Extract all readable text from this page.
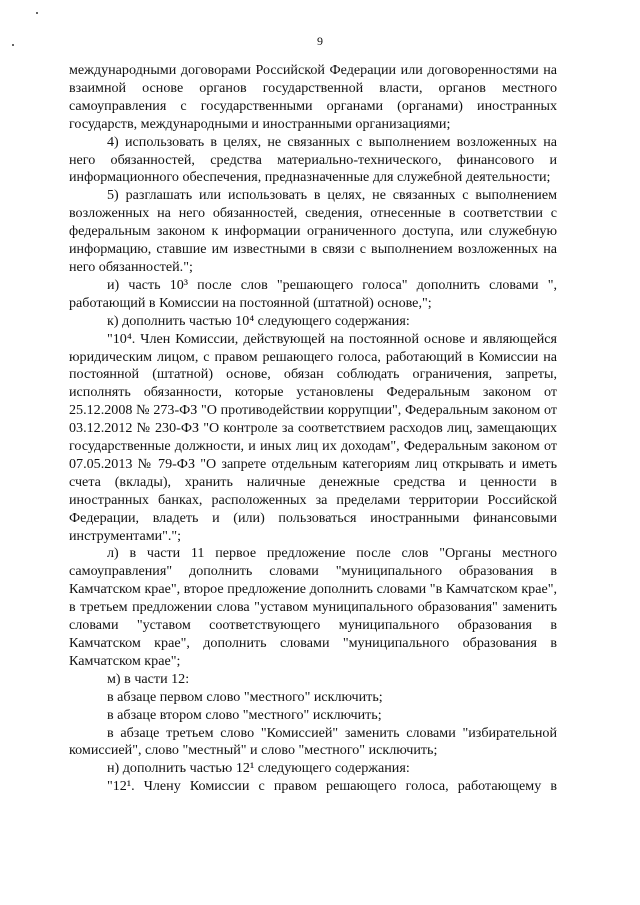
9

международными договорами Российской Федерации или договоренностями на взаимной основе органов государственной власти, органов местного самоуправления с государственными органами (органами) иностранных государств, международными и иностранными организациями;

4) использовать в целях, не связанных с выполнением возложенных на него обязанностей, средства материально-технического, финансового и информационного обеспечения, предназначенные для служебной деятельности;

5) разглашать или использовать в целях, не связанных с выполнением возложенных на него обязанностей, сведения, отнесенные в соответствии с федеральным законом к информации ограниченного доступа, или служебную информацию, ставшие им известными в связи с выполнением возложенных на него обязанностей.";

и) часть 10³ после слов "решающего голоса" дополнить словами ", работающий в Комиссии на постоянной (штатной) основе,";

к) дополнить частью 10⁴ следующего содержания:

"10⁴. Член Комиссии, действующей на постоянной основе и являющейся юридическим лицом, с правом решающего голоса, работающий в Комиссии на постоянной (штатной) основе, обязан соблюдать ограничения, запреты, исполнять обязанности, которые установлены Федеральным законом от 25.12.2008 № 273-ФЗ "О противодействии коррупции", Федеральным законом от 03.12.2012 № 230-ФЗ "О контроле за соответствием расходов лиц, замещающих государственные должности, и иных лиц их доходам", Федеральным законом от 07.05.2013 № 79-ФЗ "О запрете отдельным категориям лиц открывать и иметь счета (вклады), хранить наличные денежные средства и ценности в иностранных банках, расположенных за пределами территории Российской Федерации, владеть и (или) пользоваться иностранными финансовыми инструментами".";

л) в части 11 первое предложение после слов "Органы местного самоуправления" дополнить словами "муниципального образования в Камчатском крае", второе предложение дополнить словами "в Камчатском крае", в третьем предложении слова "уставом муниципального образования" заменить словами "уставом соответствующего муниципального образования в Камчатском крае", дополнить словами "муниципального образования в Камчатском крае";

м) в части 12:

в абзаце первом слово "местного" исключить;

в абзаце втором слово "местного" исключить;

в абзаце третьем слово "Комиссией" заменить словами "избирательной комиссией", слово "местный" и слово "местного" исключить;

н) дополнить частью 12¹ следующего содержания:

"12¹. Члену Комиссии с правом решающего голоса, работающему в
